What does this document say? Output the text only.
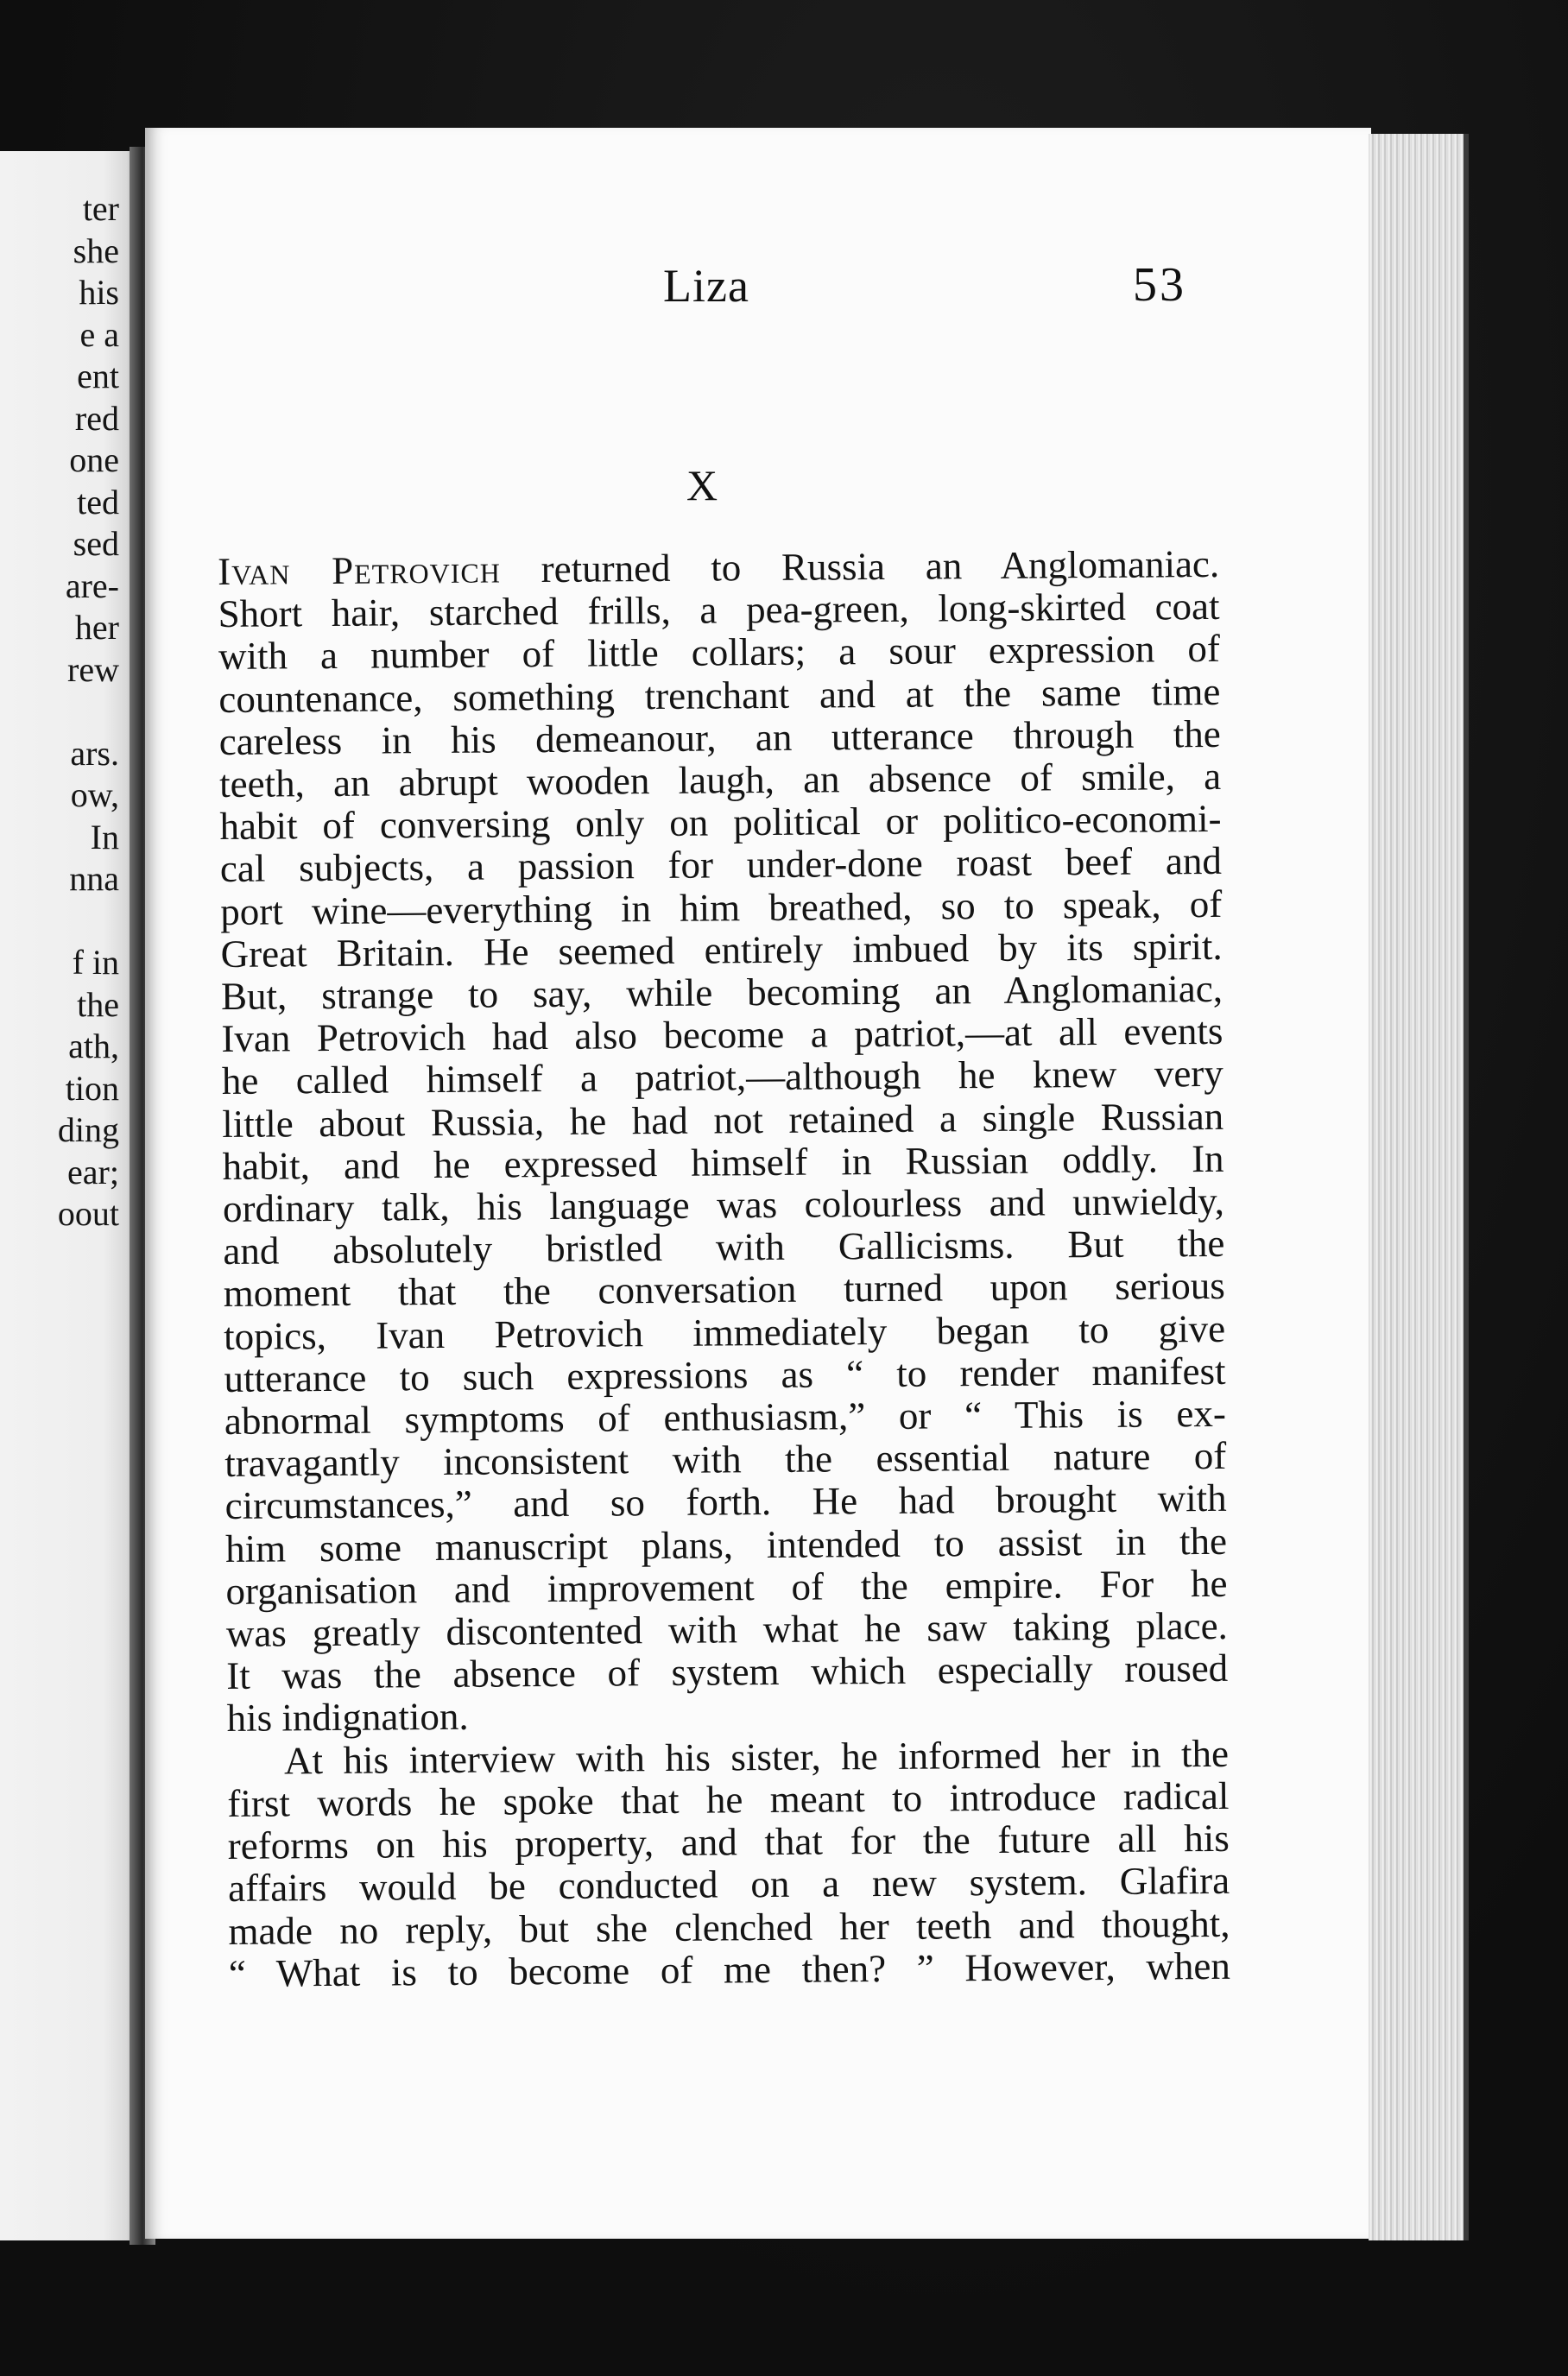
ter
she
his
e a
ent
red
one
ted
sed
are-
her
rew
ars.
ow,
In
nna
f in
the
ath,
tion
ding
ear;
oout
Liza	53
X
Ivan Petrovich returned to Russia an Anglomaniac.
Short hair, starched frills, a pea-green, long-skirted coat
with a number of little collars; a sour expression of
countenance, something trenchant and at the same time
careless in his demeanour, an utterance through the
teeth, an abrupt wooden laugh, an absence of smile, a
habit of conversing only on political or politico-economi-
cal subjects, a passion for under-done roast beef and
port wine—everything in him breathed, so to speak, of
Great Britain. He seemed entirely imbued by its spirit.
But, strange to say, while becoming an Anglomaniac,
Ivan Petrovich had also become a patriot,—at all events
he called himself a patriot,—although he knew very
little about Russia, he had not retained a single Russian
habit, and he expressed himself in Russian oddly. In
ordinary talk, his language was colourless and unwieldy,
and absolutely bristled with Gallicisms. But the
moment that the conversation turned upon serious
topics, Ivan Petrovich immediately began to give
utterance to such expressions as “ to render manifest
abnormal symptoms of enthusiasm,” or “ This is ex-
travagantly inconsistent with the essential nature of
circumstances,” and so forth. He had brought with
him some manuscript plans, intended to assist in the
organisation and improvement of the empire. For he
was greatly discontented with what he saw taking place.
It was the absence of system which especially roused
his indignation.
At his interview with his sister, he informed her in the
first words he spoke that he meant to introduce radical
reforms on his property, and that for the future all his
affairs would be conducted on a new system. Glafira
made no reply, but she clenched her teeth and thought,
“ What is to become of me then? ” However, when
